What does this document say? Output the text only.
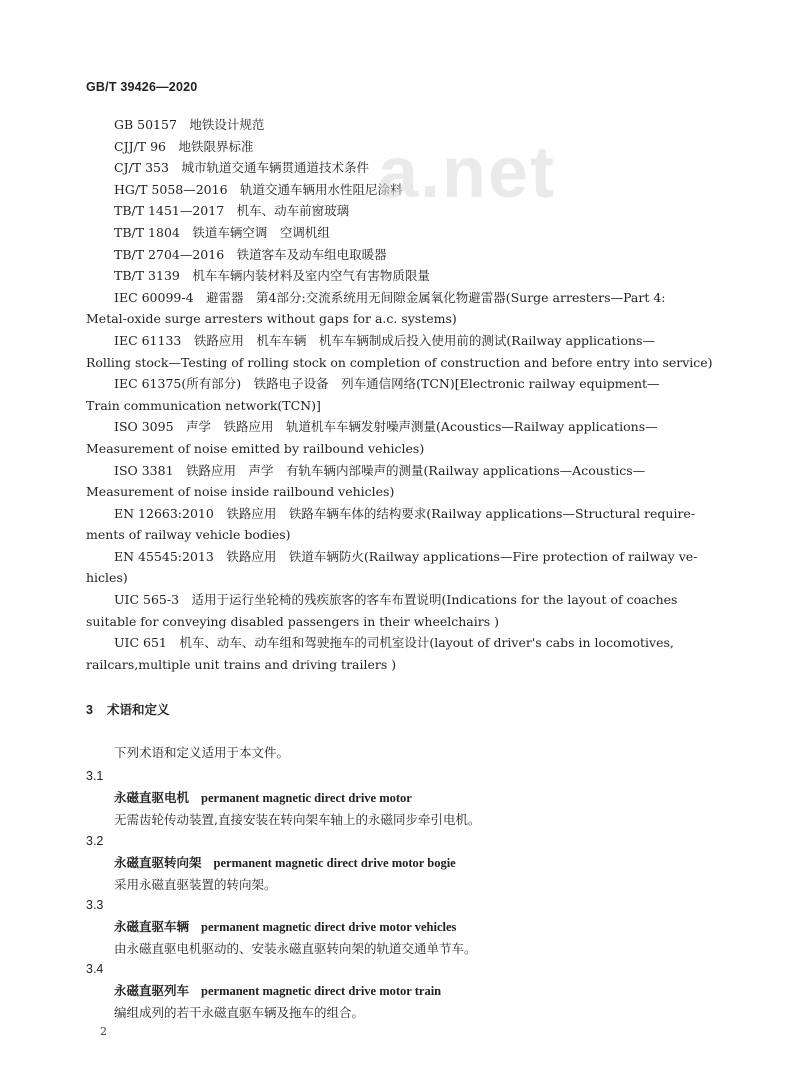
GB/T 39426—2020
GB 50157　地铁设计规范
CJJ/T 96　地铁限界标准
CJ/T 353　城市轨道交通车辆贯通道技术条件
HG/T 5058—2016　轨道交通车辆用水性阻尼涂料
TB/T 1451—2017　机车、动车前窗玻璃
TB/T 1804　铁道车辆空调　空调机组
TB/T 2704—2016　铁道客车及动车组电取暖器
TB/T 3139　机车车辆内装材料及室内空气有害物质限量
IEC 60099-4　避雷器　第4部分:交流系统用无间隙金属氧化物避雷器(Surge arresters—Part 4:
Metal-oxide surge arresters without gaps for a.c. systems)
IEC 61133　铁路应用　机车车辆　机车车辆制成后投入使用前的测试(Railway applications—
Rolling stock—Testing of rolling stock on completion of construction and before entry into service)
IEC 61375(所有部分)　铁路电子设备　列车通信网络(TCN)[Electronic railway equipment—
Train communication network(TCN)]
ISO 3095　声学　铁路应用　轨道机车车辆发射噪声测量(Acoustics—Railway applications—
Measurement of noise emitted by railbound vehicles)
ISO 3381　铁路应用　声学　有轨车辆内部噪声的测量(Railway applications—Acoustics—
Measurement of noise inside railbound vehicles)
EN 12663:2010　铁路应用　铁路车辆车体的结构要求(Railway applications—Structural require-
ments of railway vehicle bodies)
EN 45545:2013　铁路应用　铁道车辆防火(Railway applications—Fire protection of railway ve-
hicles)
UIC 565-3　适用于运行坐轮椅的残疾旅客的客车布置说明(Indications for the layout of coaches
suitable for conveying disabled passengers in their wheelchairs )
UIC 651　机车、动车、动车组和驾驶拖车的司机室设计(layout of driver's cabs in locomotives,
railcars,multiple unit trains and driving trailers )
a.net
3 术语和定义
下列术语和定义适用于本文件。
3.1
永磁直驱电机 permanent magnetic direct drive motor
无需齿轮传动装置,直接安装在转向架车轴上的永磁同步牵引电机。
3.2
永磁直驱转向架 permanent magnetic direct drive motor bogie
采用永磁直驱装置的转向架。
3.3
永磁直驱车辆 permanent magnetic direct drive motor vehicles
由永磁直驱电机驱动的、安装永磁直驱转向架的轨道交通单节车。
3.4
永磁直驱列车 permanent magnetic direct drive motor train
编组成列的若干永磁直驱车辆及拖车的组合。
2
